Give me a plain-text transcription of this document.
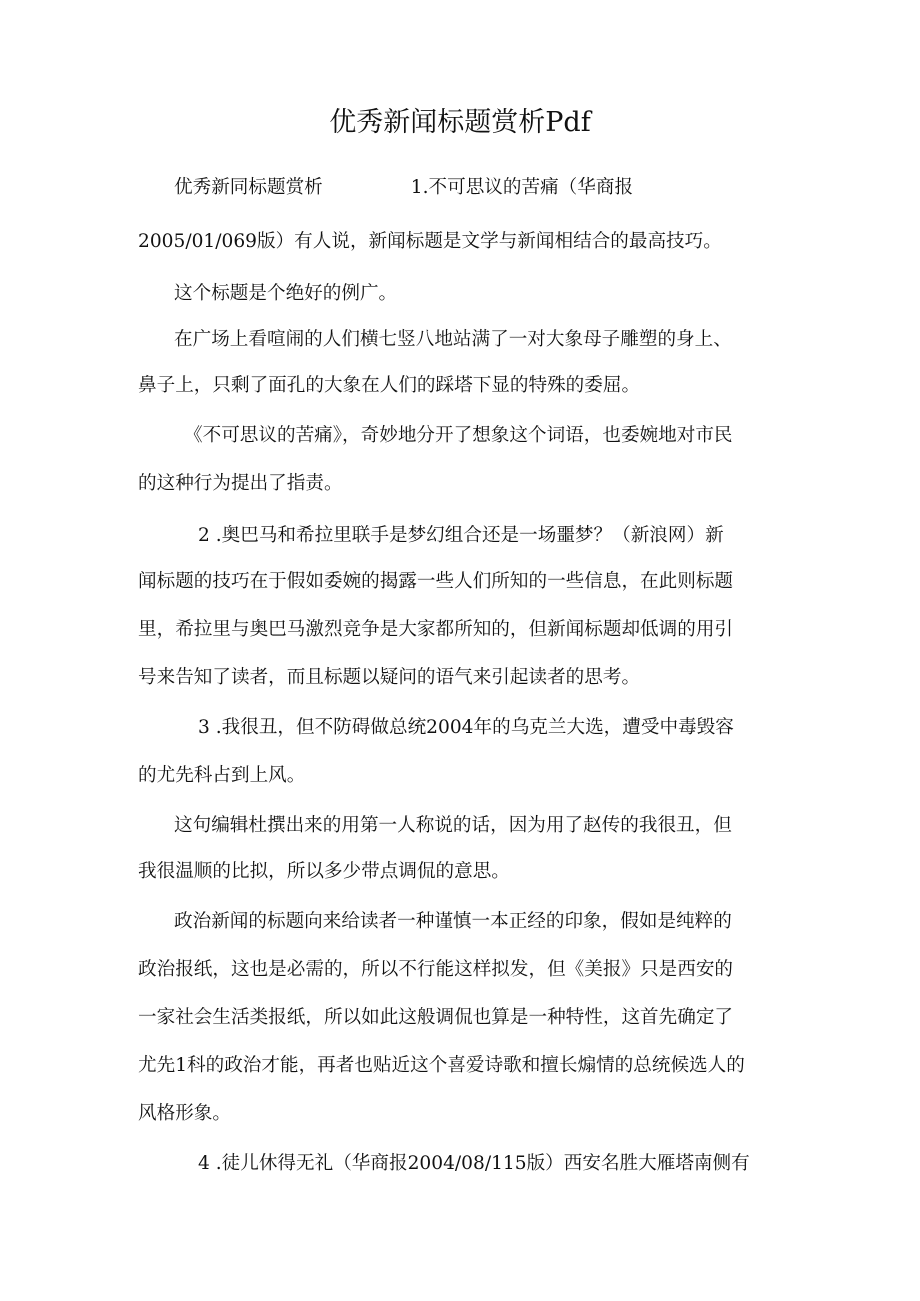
优秀新闻标题赏析Pdf

优秀新同标题赏析	1.不可思议的苦痛（华商报

2005/01/069版）有人说，新闻标题是文学与新闻相结合的最高技巧。

这个标题是个绝好的例广。

在广场上看喧闹的人们横七竖八地站满了一对大象母子雕塑的身上、

鼻子上，只剩了面孔的大象在人们的踩塔下显的特殊的委屈。

《不可思议的苦痛》，奇妙地分开了想象这个词语，也委婉地对市民

的这种行为提出了指责。

2 .奥巴马和希拉里联手是梦幻组合还是一场噩梦？（新浪网）新

闻标题的技巧在于假如委婉的揭露一些人们所知的一些信息，在此则标题

里，希拉里与奥巴马激烈竞争是大家都所知的，但新闻标题却低调的用引

号来告知了读者，而且标题以疑问的语气来引起读者的思考。

3 .我很丑，但不防碍做总统2004年的乌克兰大选，遭受中毒毁容

的尤先科占到上风。

这句编辑杜撰出来的用第一人称说的话，因为用了赵传的我很丑，但

我很温顺的比拟，所以多少带点调侃的意思。

政治新闻的标题向来给读者一种谨慎一本正经的印象，假如是纯粹的

政治报纸，这也是必需的，所以不行能这样拟发，但《美报》只是西安的

一家社会生活类报纸，所以如此这般调侃也算是一种特性，这首先确定了

尤先1科的政治才能，再者也贴近这个喜爱诗歌和擅长煽情的总统候选人的

风格形象。

4 .徒儿休得无礼（华商报2004/08/115版）西安名胜大雁塔南侧有
